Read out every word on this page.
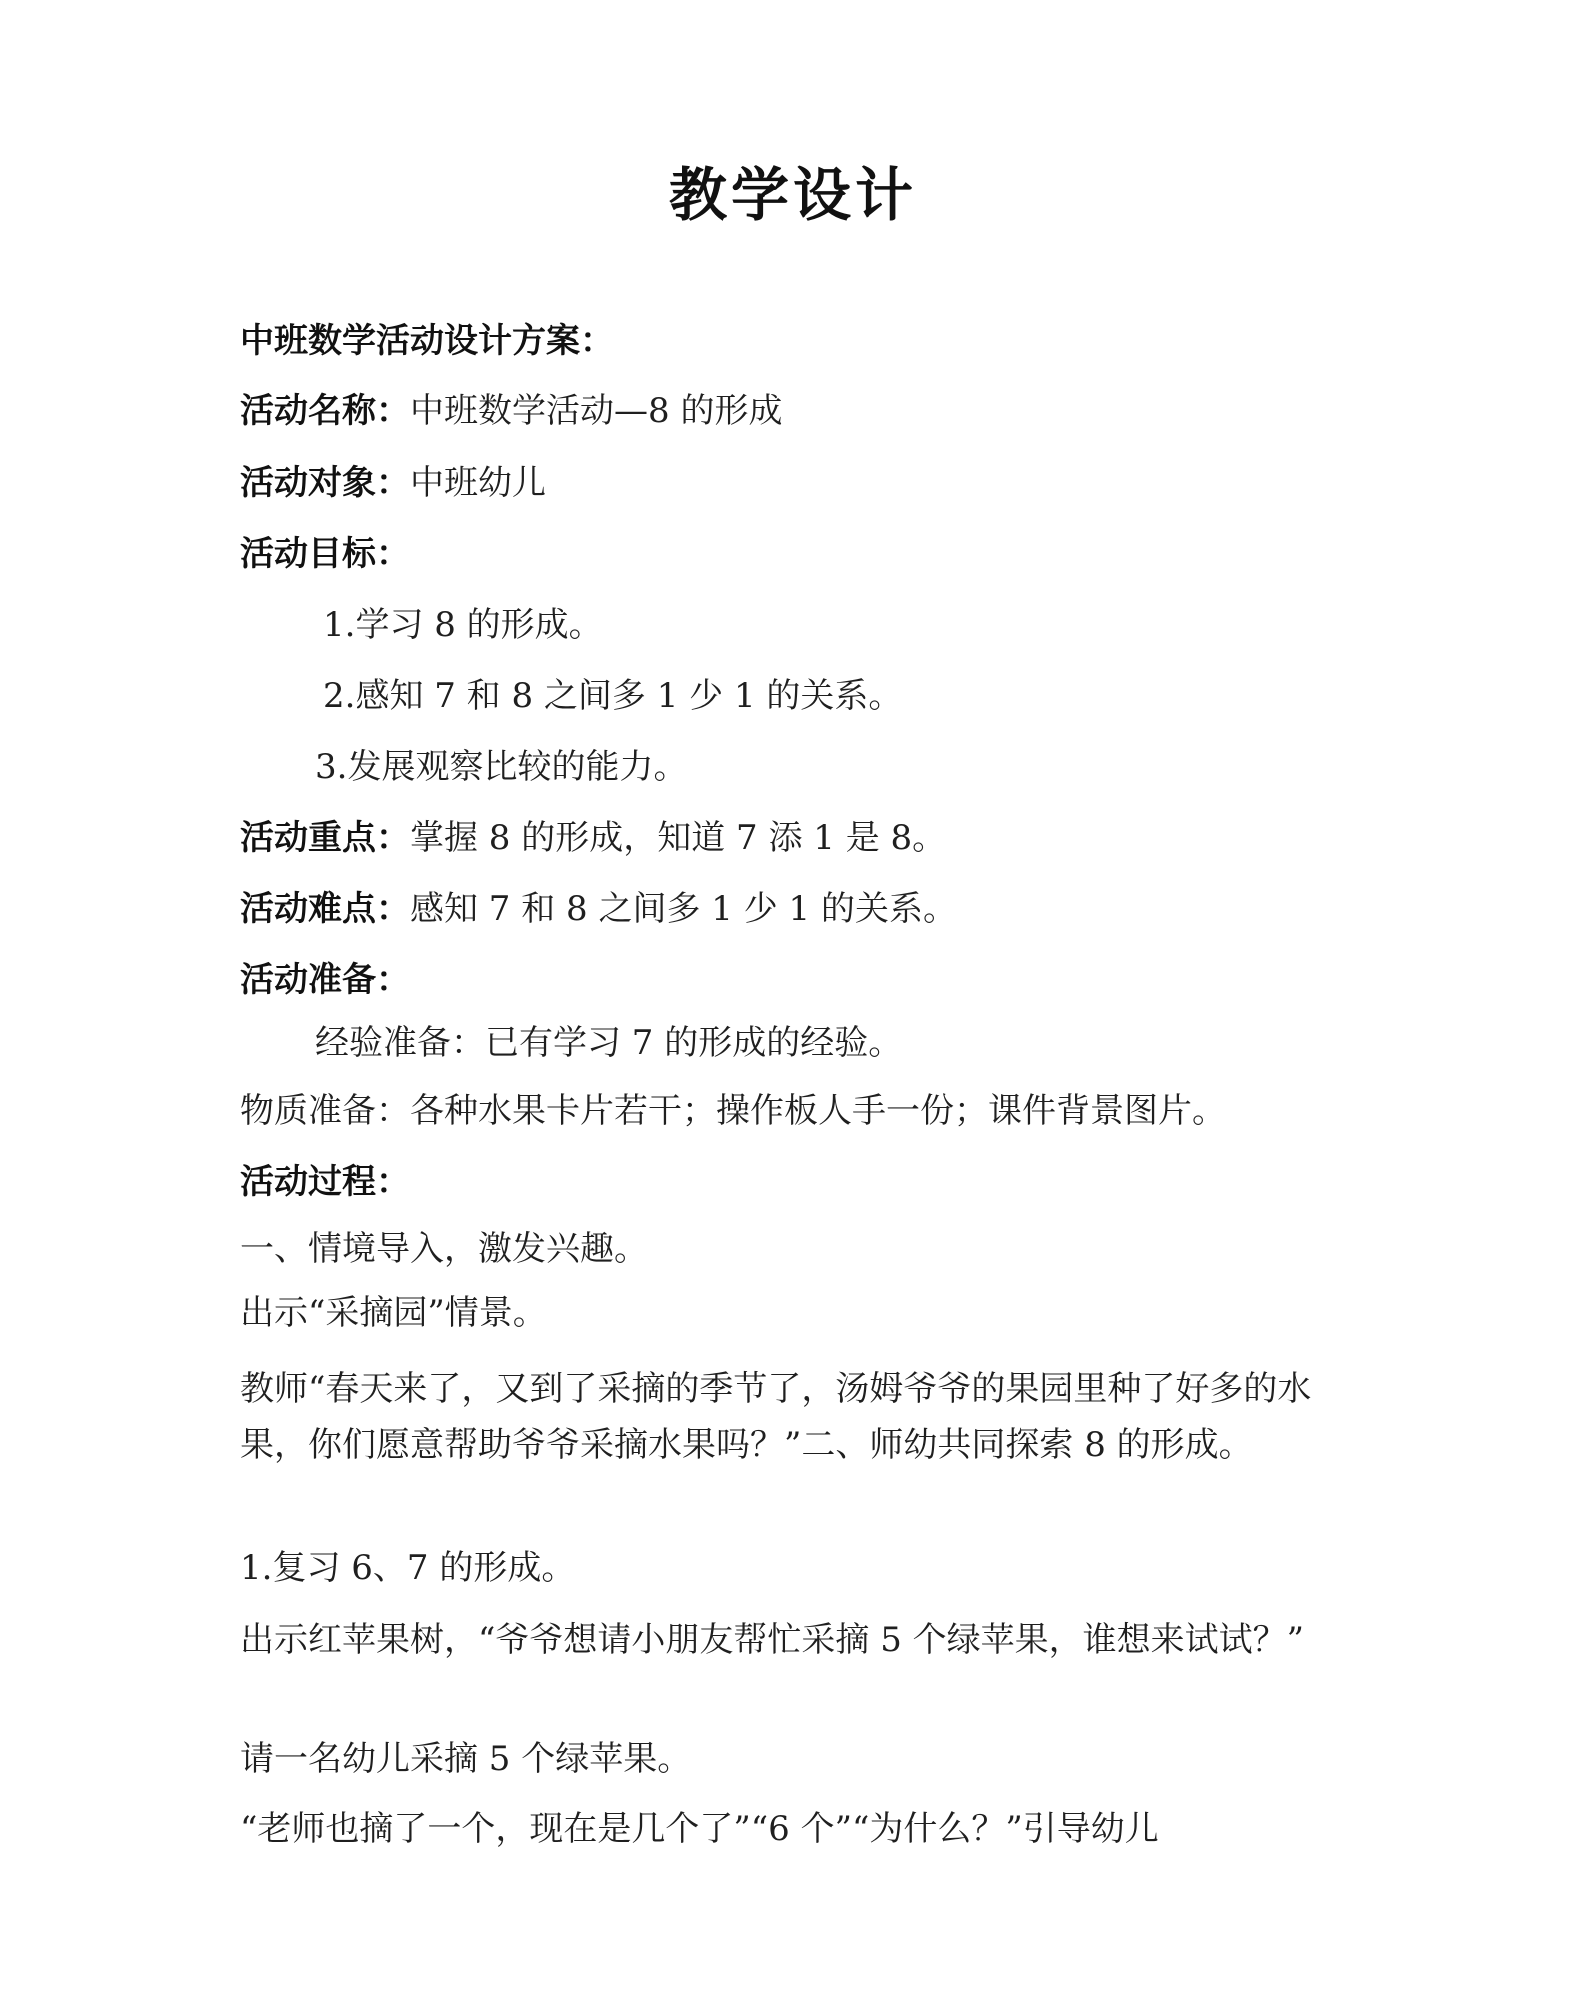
教学设计
中班数学活动设计方案：
活动名称：中班数学活动—8 的形成
活动对象：中班幼儿
活动目标：
1.学习 8 的形成。
2.感知 7 和 8 之间多 1 少 1 的关系。
3.发展观察比较的能力。
活动重点：掌握 8 的形成，知道 7 添 1 是 8。
活动难点：感知 7 和 8 之间多 1 少 1 的关系。
活动准备：
经验准备：已有学习 7 的形成的经验。
物质准备：各种水果卡片若干；操作板人手一份；课件背景图片。
活动过程：
一、情境导入，激发兴趣。
出示“采摘园”情景。
教师“春天来了，又到了采摘的季节了，汤姆爷爷的果园里种了好多的水果，你们愿意帮助爷爷采摘水果吗？”二、师幼共同探索 8 的形成。
1.复习 6、7 的形成。
出示红苹果树，“爷爷想请小朋友帮忙采摘 5 个绿苹果，谁想来试试？”
请一名幼儿采摘 5 个绿苹果。
“老师也摘了一个，现在是几个了”“6 个”“为什么？”引导幼儿
